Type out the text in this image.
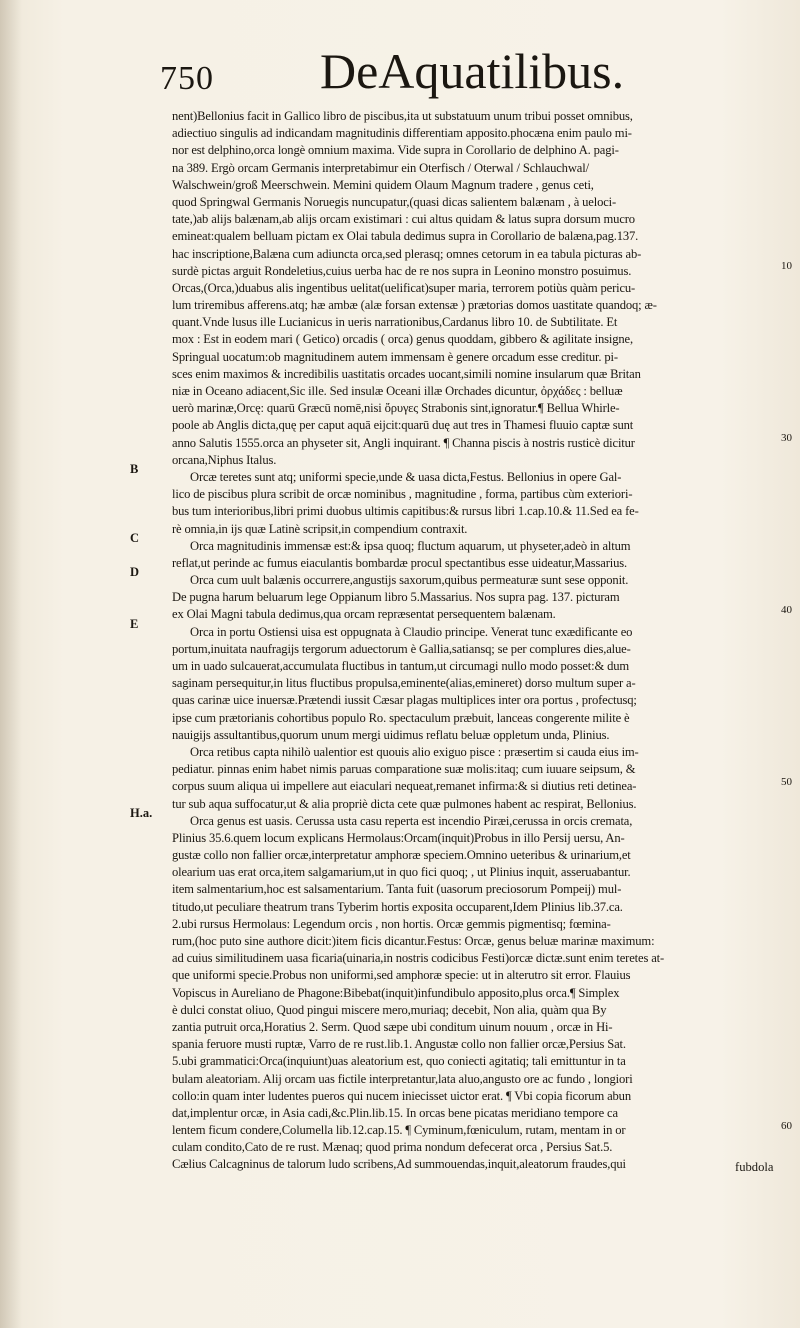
750 DeAquatilibus.
B
C
D
E
H.a.
10
30
40
50
60
nent)Bellonius facit in Gallico libro de piscibus,ita ut substatuum unum tribui posset omnibus,
adiectiuo singulis ad indicandam magnitudinis differentiam apposito.phocæna enim paulo mi-
nor est delphino,orca longè omnium maxima. Vide supra in Corollario de delphino A. pagi-
na 389. Ergò orcam Germanis interpretabimur ein Oterfisch / Oterwal / Schlauchwal/
Walschwein/groß Meerschwein. Memini quidem Olaum Magnum tradere , genus ceti,
quod Springwal Germanis Noruegis nuncupatur,(quasi dicas salientem balænam , à ueloci-
tate,)ab alijs balænam,ab alijs orcam existimari : cui altus quidam & latus supra dorsum mucro
emineat:qualem belluam pictam ex Olai tabula dedimus supra in Corollario de balæna,pag.137.
hac inscriptione,Balæna cum adiuncta orca,sed plerasq; omnes cetorum in ea tabula picturas ab-
surdè pictas arguit Rondeletius,cuius uerba hac de re nos supra in Leonino monstro posuimus.
Orcas,(Orca,)duabus alis ingentibus uelitat(uelificat)super maria, terrorem potiùs quàm pericu-
lum triremibus afferens.atq; hæ ambæ (alæ forsan extensæ ) prætorias domos uastitate quandoq; æ-
quant.Vnde lusus ille Lucianicus in ueris narrationibus,Cardanus libro 10. de Subtilitate. Et
mox : Est in eodem mari ( Getico) orcadis ( orca) genus quoddam, gibbero & agilitate insigne,
Springual uocatum:ob magnitudinem autem immensam è genere orcadum esse creditur. pi-
sces enim maximos & incredibilis uastitatis orcades uocant,simili nomine insularum quæ Britan
niæ in Oceano adiacent,Sic ille. Sed insulæ Oceani illæ Orchades dicuntur, ὀρχάδες : belluæ
uerò marinæ,Orcę: quarū Græcū nomē,nisi ὄρυγες Strabonis sint,ignoratur.¶ Bellua Whirle-
poole ab Anglis dicta,quę per caput aquā eijcit:quarū duę aut tres in Thamesi fluuio captæ sunt
anno Salutis 1555.orca an physeter sit, Angli inquirant. ¶ Channa piscis à nostris rusticè dicitur
orcana,Niphus Italus.
Orcæ teretes sunt atq; uniformi specie,unde & uasa dicta,Festus. Bellonius in opere Gal-
lico de piscibus plura scribit de orcæ nominibus , magnitudine , forma, partibus cùm exteriori-
bus tum interioribus,libri primi duobus ultimis capitibus:& rursus libri 1.cap.10.& 11.Sed ea fe-
rè omnia,in ijs quæ Latinè scripsit,in compendium contraxit.
Orca magnitudinis immensæ est:& ipsa quoq; fluctum aquarum, ut physeter,adeò in altum
reflat,ut perinde ac fumus eiaculantis bombardæ procul spectantibus esse uideatur,Massarius.
Orca cum uult balænis occurrere,angustijs saxorum,quibus permeaturæ sunt sese opponit.
De pugna harum beluarum lege Oppianum libro 5.Massarius. Nos supra pag. 137. picturam
ex Olai Magni tabula dedimus,qua orcam repræsentat persequentem balænam.
Orca in portu Ostiensi uisa est oppugnata à Claudio principe. Venerat tunc exædificante eo
portum,inuitata naufragijs tergorum aduectorum è Gallia,satiansq; se per complures dies,alue-
um in uado sulcauerat,accumulata fluctibus in tantum,ut circumagi nullo modo posset:& dum
saginam persequitur,in litus fluctibus propulsa,eminente(alias,emineret) dorso multum super a-
quas carinæ uice inuersæ.Prætendi iussit Cæsar plagas multiplices inter ora portus , profectusq;
ipse cum prætorianis cohortibus populo Ro. spectaculum præbuit, lanceas congerente milite è
nauigijs assultantibus,quorum unum mergi uidimus reflatu beluæ oppletum unda, Plinius.
Orca retibus capta nihilò ualentior est quouis alio exiguo pisce : præsertim si cauda eius im-
pediatur. pinnas enim habet nimis paruas comparatione suæ molis:itaq; cum iuuare seipsum, &
corpus suum aliqua ui impellere aut eiaculari nequeat,remanet infirma:& si diutius reti detinea-
tur sub aqua suffocatur,ut & alia propriè dicta cete quæ pulmones habent ac respirat, Bellonius.
Orca genus est uasis. Cerussa usta casu reperta est incendio Piræi,cerussa in orcis cremata,
Plinius 35.6.quem locum explicans Hermolaus:Orcam(inquit)Probus in illo Persij uersu, An-
gustæ collo non fallier orcæ,interpretatur amphoræ speciem.Omnino ueteribus & urinarium,et
olearium uas erat orca,item salgamarium,ut in quo fici quoq; , ut Plinius inquit, asseruabantur.
item salmentarium,hoc est salsamentarium. Tanta fuit (uasorum preciosorum Pompeij) mul-
titudo,ut peculiare theatrum trans Tyberim hortis exposita occuparent,Idem Plinius lib.37.ca.
2.ubi rursus Hermolaus: Legendum orcis , non hortis. Orcæ gemmis pigmentisq; fœmina-
rum,(hoc puto sine authore dicit:)item ficis dicantur.Festus: Orcæ, genus beluæ marinæ maximum:
ad cuius similitudinem uasa ficaria(uinaria,in nostris codicibus Festi)orcæ dictæ.sunt enim teretes at-
que uniformi specie.Probus non uniformi,sed amphoræ specie: ut in alterutro sit error. Flauius
Vopiscus in Aureliano de Phagone:Bibebat(inquit)infundibulo apposito,plus orca.¶ Simplex
è dulci constat oliuo, Quod pingui miscere mero,muriaq; decebit, Non alia, quàm qua By
zantia putruit orca,Horatius 2. Serm. Quod sæpe ubi conditum uinum nouum , orcæ in Hi-
spania feruore musti ruptæ, Varro de re rust.lib.1. Angustæ collo non fallier orcæ,Persius Sat.
5.ubi grammatici:Orca(inquiunt)uas aleatorium est, quo coniecti agitatiq; tali emittuntur in ta
bulam aleatoriam. Alij orcam uas fictile interpretantur,lata aluo,angusto ore ac fundo , longiori
collo:in quam inter ludentes pueros qui nucem iniecisset uictor erat. ¶ Vbi copia ficorum abun
dat,implentur orcæ, in Asia cadi,&c.Plin.lib.15. In orcas bene picatas meridiano tempore ca
lentem ficum condere,Columella lib.12.cap.15. ¶ Cyminum,fœniculum, rutam, mentam in or
culam condito,Cato de re rust. Mænaq; quod prima nondum defecerat orca , Persius Sat.5.
Cælius Calcagninus de talorum ludo scribens,Ad summouendas,inquit,aleatorum fraudes,qui	fubdola
